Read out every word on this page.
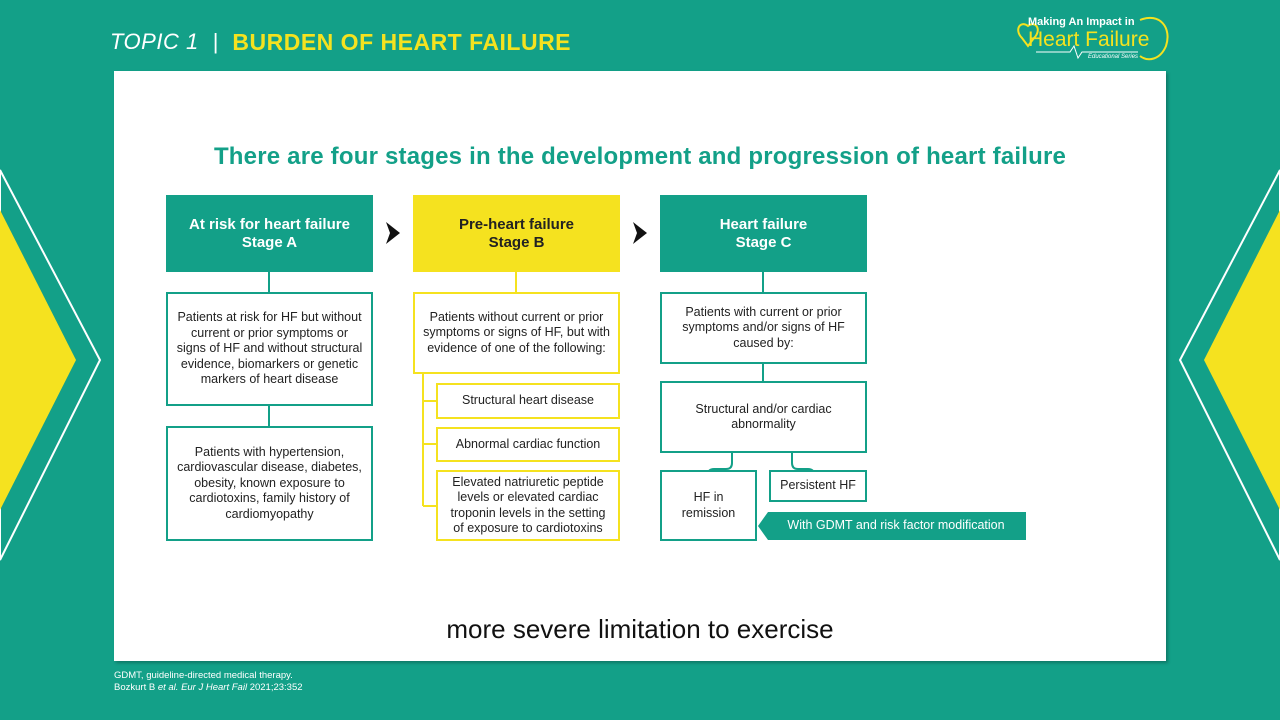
TOPIC 1 | BURDEN OF HEART FAILURE
Making An Impact in
Heart Failure
Educational Series
There are four stages in the development and progression of heart failure
At risk for heart failure
Stage A
Patients at risk for HF but without current or prior symptoms or signs of HF and without structural evidence, biomarkers or genetic markers of heart disease
Patients with hypertension, cardiovascular disease, diabetes, obesity, known exposure to cardiotoxins, family history of cardiomyopathy
Pre-heart failure
Stage B
Patients without current or prior symptoms or signs of HF, but with evidence of one of the following:
Structural heart disease
Abnormal cardiac function
Elevated natriuretic peptide levels or elevated cardiac troponin levels in the setting of exposure to cardiotoxins
Heart failure
Stage C
Patients with current or prior symptoms and/or signs of HF caused by:
Structural and/or cardiac abnormality
HF in remission
Persistent HF
With GDMT and risk factor modification
more severe limitation to exercise
GDMT, guideline-directed medical therapy.
Bozkurt B et al. Eur J Heart Fail 2021;23:352
